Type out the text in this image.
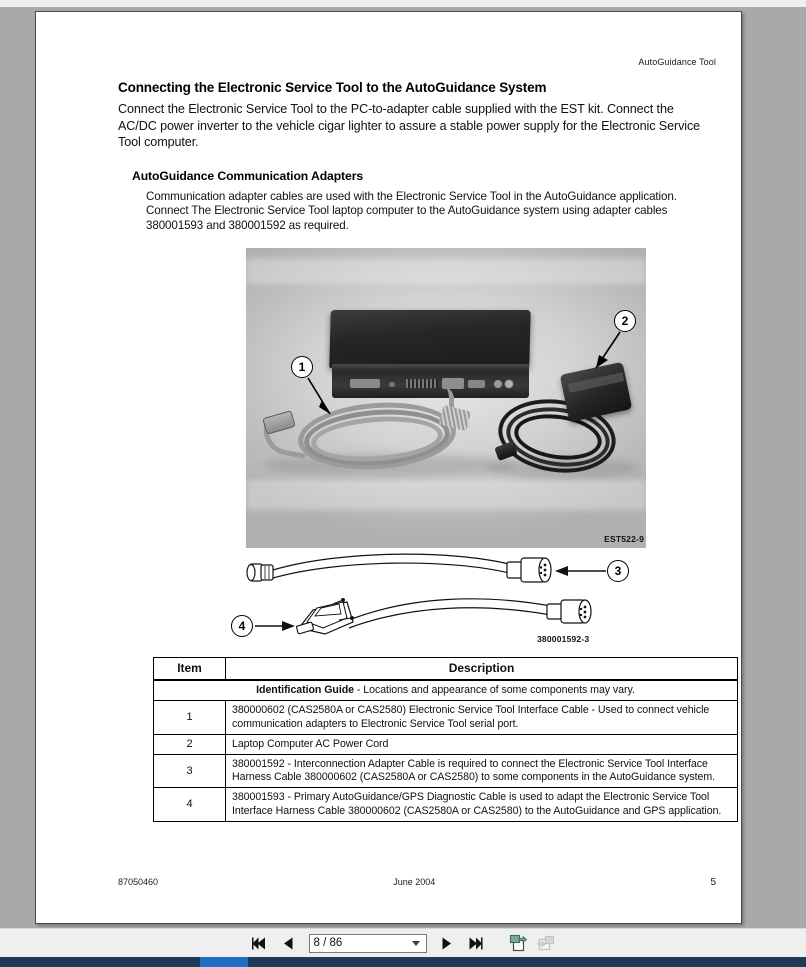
AutoGuidance Tool
Connecting the Electronic Service Tool to the AutoGuidance System

Connect the Electronic Service Tool to the PC-to-adapter cable supplied with the EST kit. Connect the AC/DC power inverter to the vehicle cigar lighter to assure a stable power supply for the Electronic Service Tool computer.

AutoGuidance Communication Adapters

Communication adapter cables are used with the Electronic Service Tool in the AutoGuidance application. Connect The Electronic Service Tool laptop computer to the AutoGuidance system using adapter cables 380001593 and 380001592 as required.

1
2
EST522-9
3
4
380001592-3
Item	Description
Identification Guide - Locations and appearance of some components may vary.	
1	380000602 (CAS2580A or CAS2580) Electronic Service Tool Interface Cable - Used to connect vehicle communication adapters to Electronic Service Tool serial port.
2	Laptop Computer AC Power Cord
3	380001592 - Interconnection Adapter Cable is required to connect the Electronic Service Tool Interface Harness Cable 380000602 (CAS2580A or CAS2580) to some components in the AutoGuidance system.
4	380001593 - Primary AutoGuidance/GPS Diagnostic Cable is used to adapt the Electronic Service Tool Interface Harness Cable 380000602 (CAS2580A or CAS2580) to the AutoGuidance and GPS application.
87050460	June 2004	5
8 / 86
